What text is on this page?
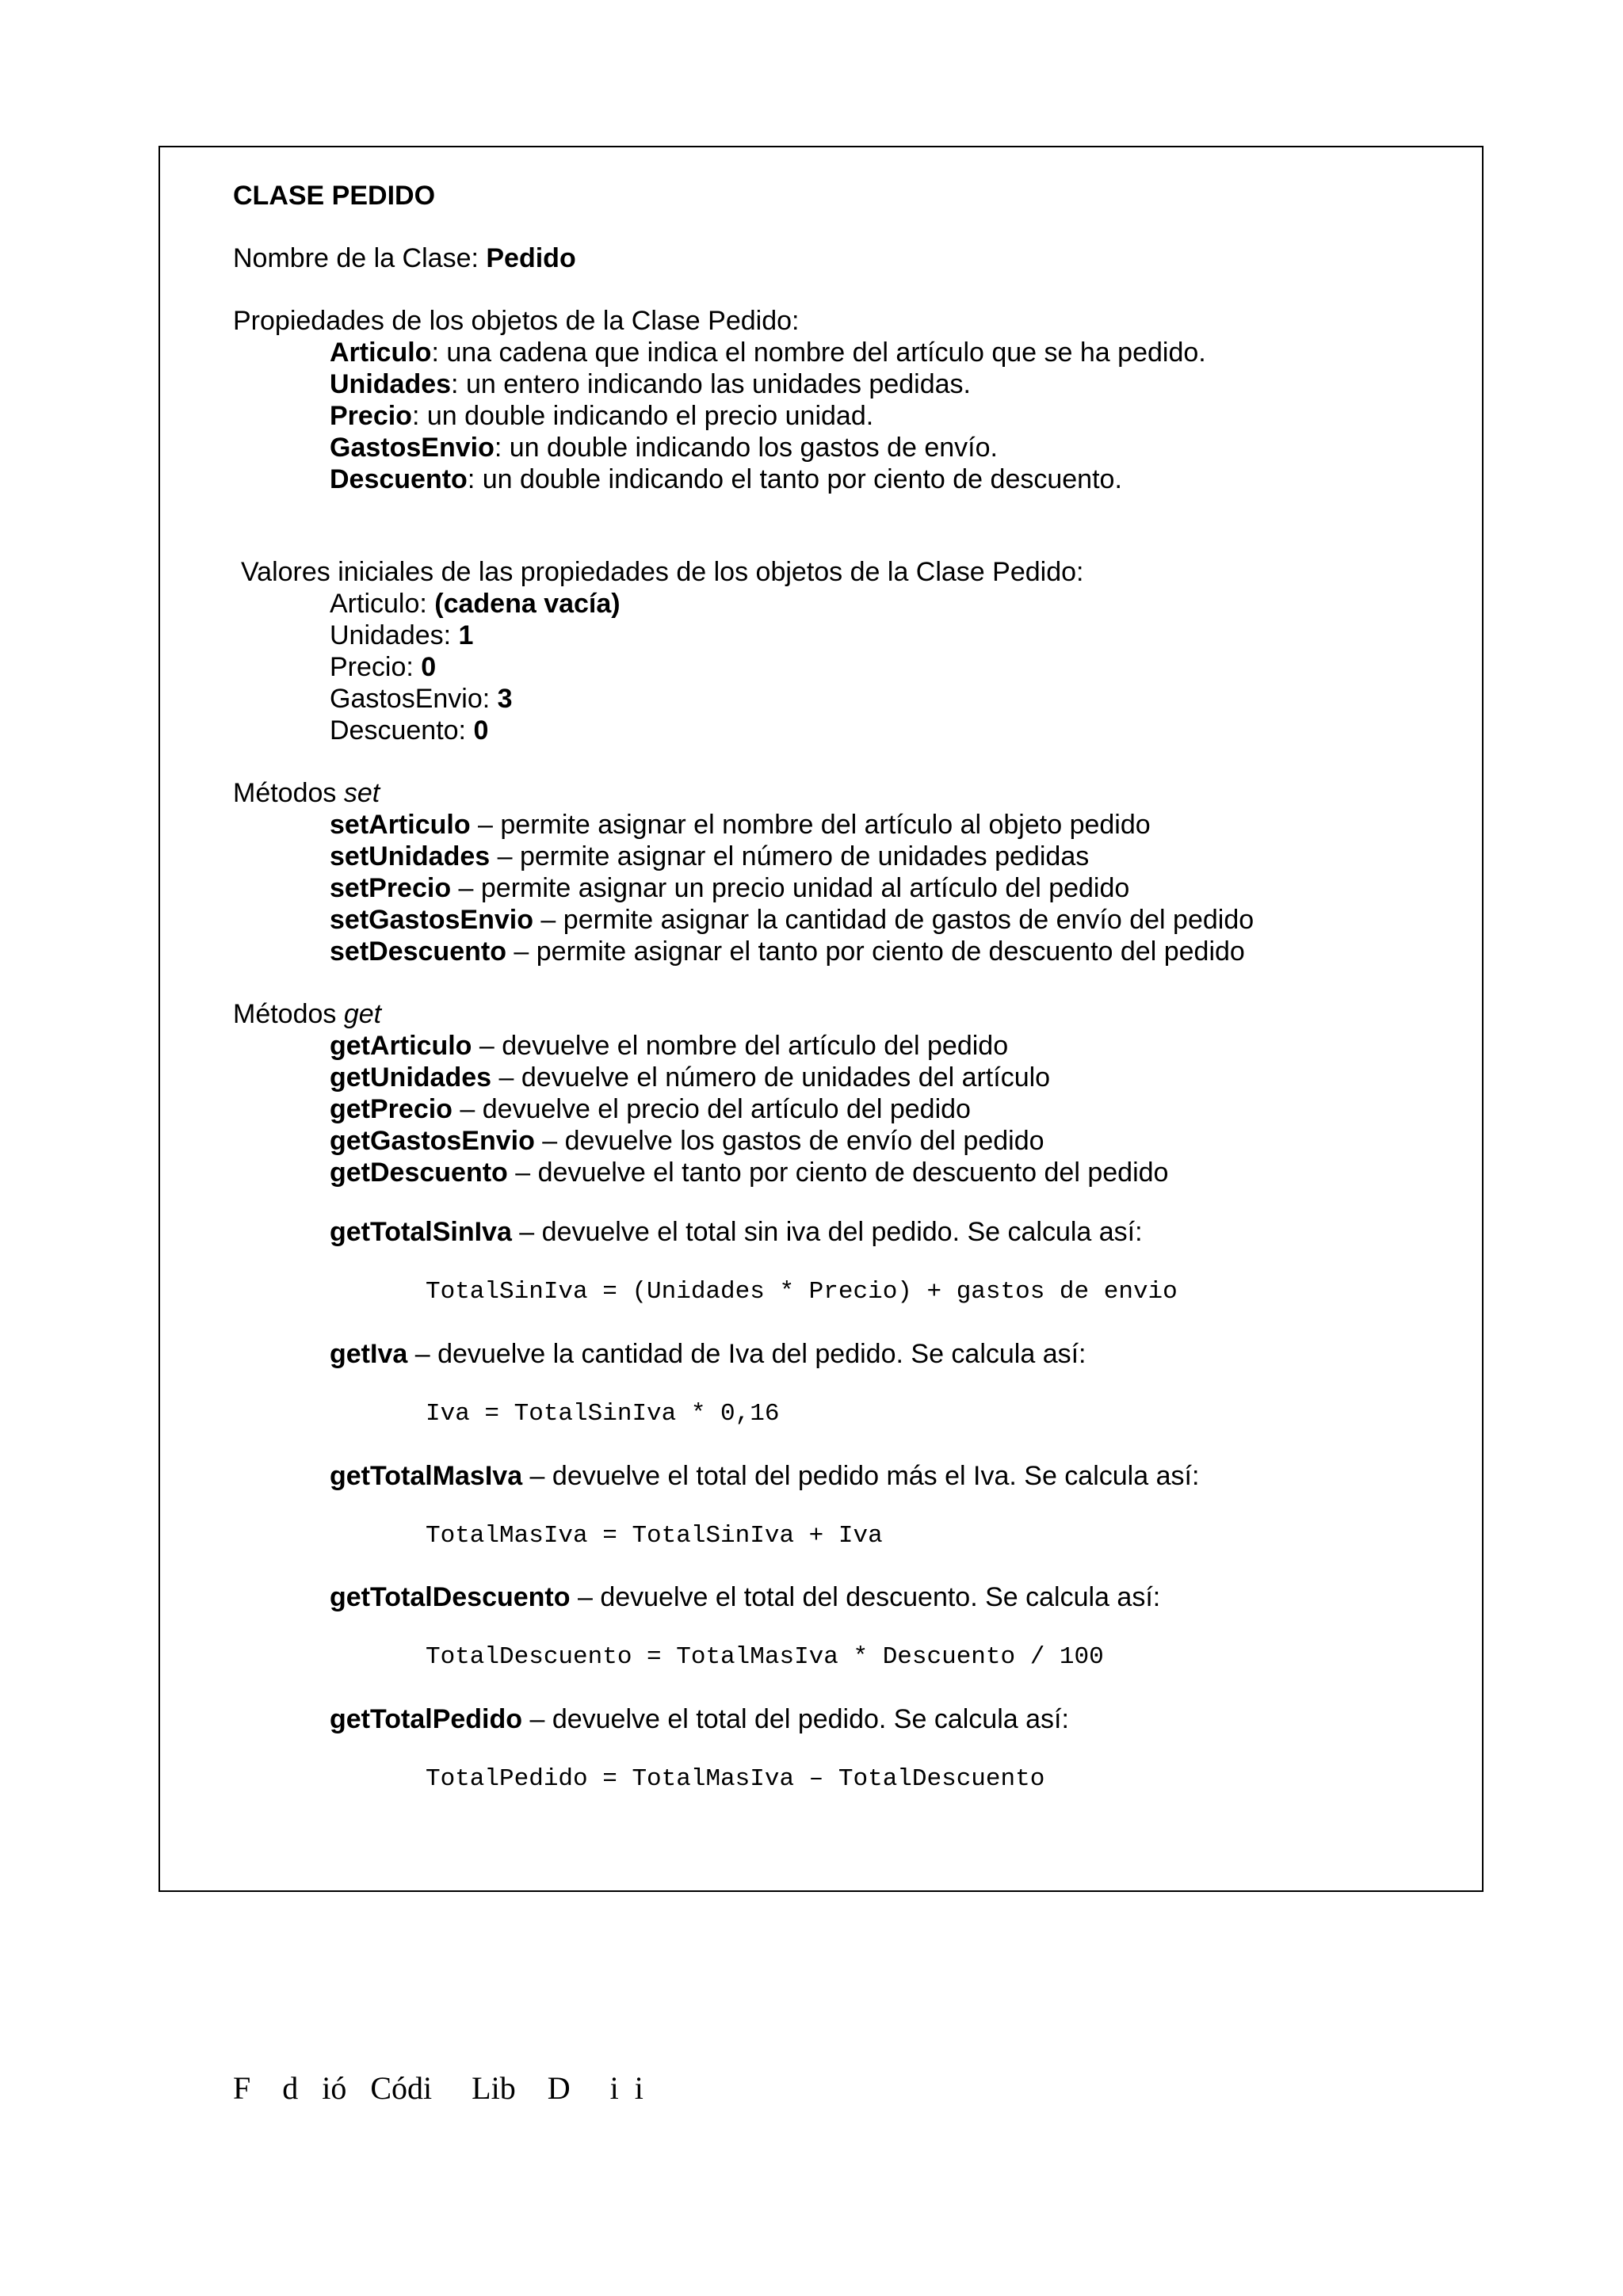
CLASE PEDIDO
Nombre de la Clase: Pedido
Propiedades de los objetos de la Clase Pedido:
Articulo: una cadena que indica el nombre del artículo que se ha pedido.
Unidades: un entero indicando las unidades pedidas.
Precio: un double indicando el precio unidad.
GastosEnvio: un double indicando los gastos de envío.
Descuento: un double indicando el tanto por ciento de descuento.
Valores iniciales de las propiedades de los objetos de la Clase Pedido:
Articulo: (cadena vacía)
Unidades: 1
Precio: 0
GastosEnvio: 3
Descuento: 0
Métodos set
setArticulo – permite asignar el nombre del artículo al objeto pedido
setUnidades – permite asignar el número de unidades pedidas
setPrecio – permite asignar un precio unidad al artículo del pedido
setGastosEnvio – permite asignar la cantidad de gastos de envío del pedido
setDescuento – permite asignar el tanto por ciento de descuento del pedido
Métodos get
getArticulo – devuelve el nombre del artículo del pedido
getUnidades – devuelve el número de unidades del artículo
getPrecio – devuelve el precio del artículo del pedido
getGastosEnvio – devuelve los gastos de envío del pedido
getDescuento – devuelve el tanto por ciento de descuento del pedido
getTotalSinIva – devuelve el total sin iva del pedido. Se calcula así:
TotalSinIva = (Unidades * Precio) + gastos de envio
getIva – devuelve la cantidad de Iva del pedido. Se calcula así:
Iva = TotalSinIva * 0,16
getTotalMasIva – devuelve el total del pedido más el Iva. Se calcula así:
TotalMasIva = TotalSinIva + Iva
getTotalDescuento – devuelve el total del descuento. Se calcula así:
TotalDescuento = TotalMasIva * Descuento / 100
getTotalPedido – devuelve el total del pedido. Se calcula así:
TotalPedido = TotalMasIva – TotalDescuento
F    d   ió   Códi     Lib    D     i  i
